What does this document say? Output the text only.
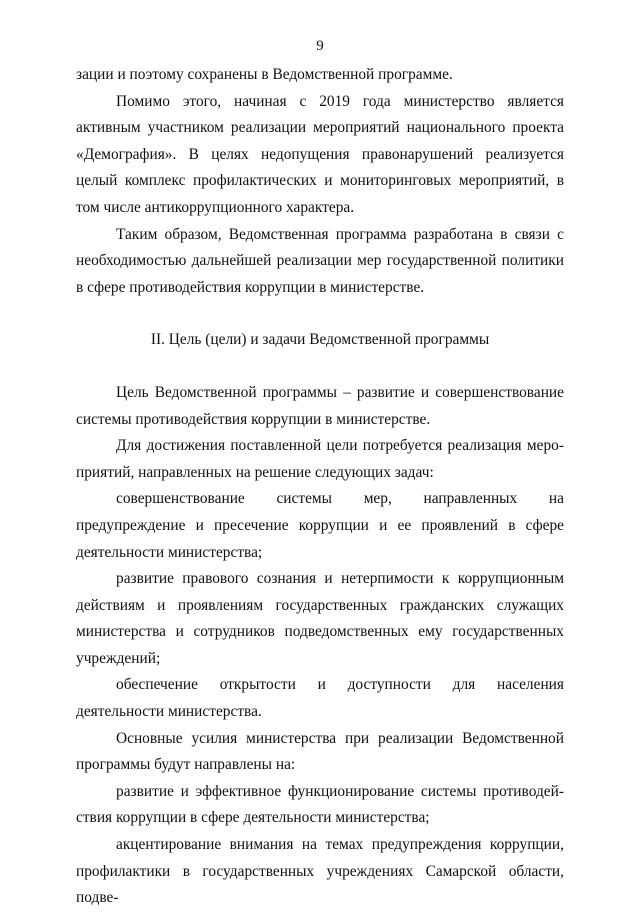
9

зации и поэтому сохранены в Ведомственной программе.

Помимо этого, начиная с 2019 года министерство является активным участником реализации мероприятий национального проекта «Демография». В целях недопущения правонарушений реализуется целый комплекс профилактических и мониторинговых мероприятий, в том числе антикоррупционного характера.

Таким образом, Ведомственная программа разработана в связи с необходимостью дальнейшей реализации мер государственной политики в сфере противодействия коррупции в министерстве.

II. Цель (цели) и задачи Ведомственной программы

Цель Ведомственной программы – развитие и совершенствование системы противодействия коррупции в министерстве.

Для достижения поставленной цели потребуется реализация мероприятий, направленных на решение следующих задач:

совершенствование системы мер, направленных на предупреждение и пресечение коррупции и ее проявлений в сфере деятельности министерства;

развитие правового сознания и нетерпимости к коррупционным действиям и проявлениям государственных гражданских служащих министерства и сотрудников подведомственных ему государственных учреждений;

обеспечение открытости и доступности для населения деятельности министерства.

Основные усилия министерства при реализации Ведомственной программы будут направлены на:

развитие и эффективное функционирование системы противодействия коррупции в сфере деятельности министерства;

акцентирование внимания на темах предупреждения коррупции, профилактики в государственных учреждениях Самарской области, подве-
